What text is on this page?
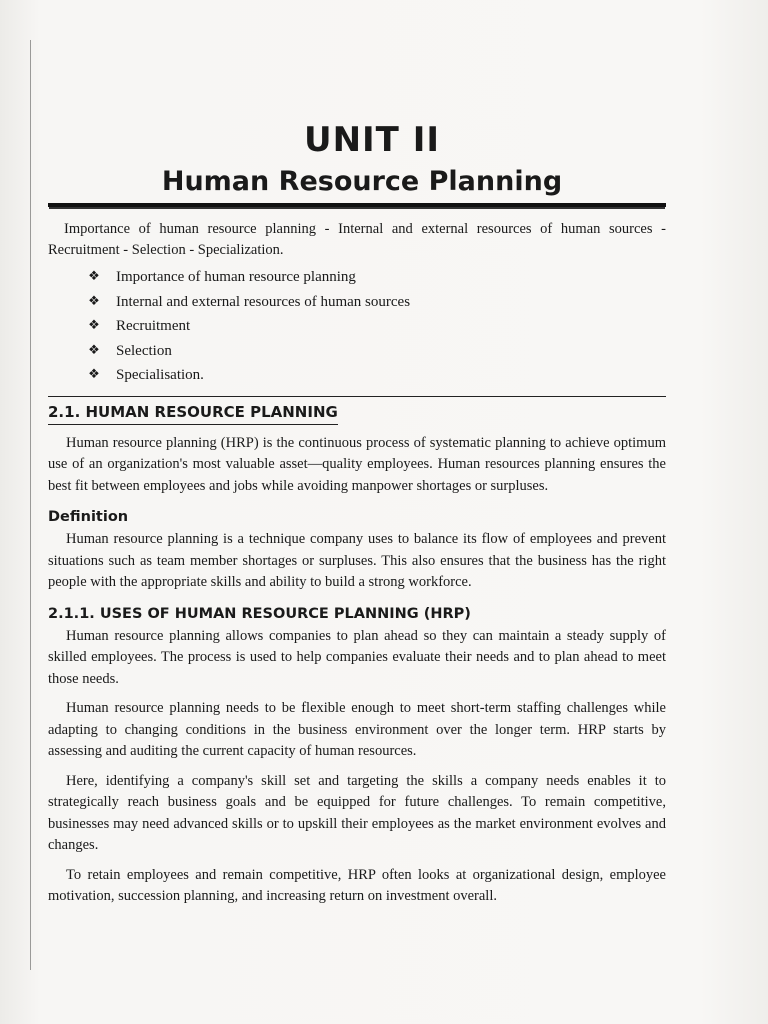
UNIT II
Human Resource Planning

Importance of human resource planning - Internal and external resources of human sources - Recruitment - Selection - Specialization.

❖ Importance of human resource planning
❖ Internal and external resources of human sources
❖ Recruitment
❖ Selection
❖ Specialisation.
2.1. HUMAN RESOURCE PLANNING

Human resource planning (HRP) is the continuous process of systematic planning to achieve optimum use of an organization's most valuable asset—quality employees. Human resources planning ensures the best fit between employees and jobs while avoiding manpower shortages or surpluses.

Definition

Human resource planning is a technique company uses to balance its flow of employees and prevent situations such as team member shortages or surpluses. This also ensures that the business has the right people with the appropriate skills and ability to build a strong workforce.

2.1.1. USES OF HUMAN RESOURCE PLANNING (HRP)

Human resource planning allows companies to plan ahead so they can maintain a steady supply of skilled employees. The process is used to help companies evaluate their needs and to plan ahead to meet those needs.

Human resource planning needs to be flexible enough to meet short-term staffing challenges while adapting to changing conditions in the business environment over the longer term. HRP starts by assessing and auditing the current capacity of human resources.

Here, identifying a company's skill set and targeting the skills a company needs enables it to strategically reach business goals and be equipped for future challenges. To remain competitive, businesses may need advanced skills or to upskill their employees as the market environment evolves and changes.

To retain employees and remain competitive, HRP often looks at organizational design, employee motivation, succession planning, and increasing return on investment overall.
